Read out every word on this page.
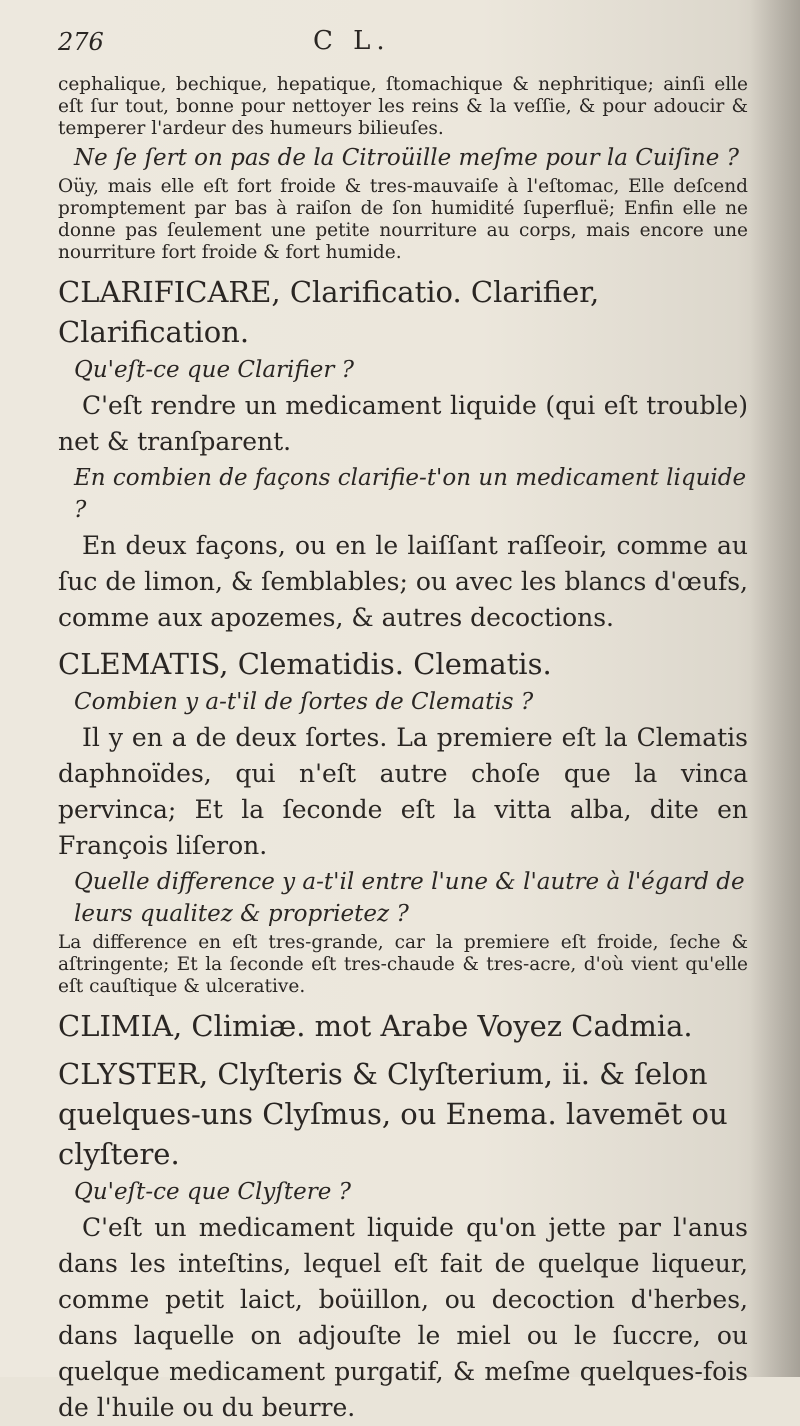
276	C L.

cephalique, bechique, hepatique, ſtomachique & nephritique; ainſi elle eſt ſur tout, bonne pour nettoyer les reins & la veſſie, & pour adoucir & temperer l'ardeur des humeurs bilieuſes.

Ne ſe ſert on pas de la Citroüille meſme pour la Cuiſine ?

Oüy, mais elle eſt fort froide & tres-mauvaiſe à l'eſtomac, Elle deſcend promptement par bas à raiſon de ſon humidité ſuperfluë; Enfin elle ne donne pas ſeulement une petite nourriture au corps, mais encore une nourriture fort froide & fort humide.

CLARIFICARE, Clarificatio. Clarifier, Clarification.

Qu'eſt-ce que Clarifier ?

C'eſt rendre un medicament liquide (qui eſt trouble) net & tranſparent.

En combien de façons clarifie-t'on un medicament liquide ?

En deux façons, ou en le laiſſant raſſeoir, comme au ſuc de limon, & ſemblables; ou avec les blancs d'œufs, comme aux apozemes, & autres decoctions.

CLEMATIS, Clematidis. Clematis.

Combien y a-t'il de ſortes de Clematis ?

Il y en a de deux ſortes. La premiere eſt la Clematis daphnoïdes, qui n'eſt autre choſe que la vinca pervinca; Et la ſeconde eſt la vitta alba, dite en François liſeron.

Quelle difference y a-t'il entre l'une & l'autre à l'égard de leurs qualitez & proprietez ?

La difference en eſt tres-grande, car la premiere eſt froide, ſeche & aſtringente; Et la ſeconde eſt tres-chaude & tres-acre, d'où vient qu'elle eſt cauſtique & ulcerative.

CLIMIA, Climiæ. mot Arabe Voyez Cadmia.

CLYSTER, Clyſteris & Clyſterium, ii. & ſelon quelques-uns Clyſmus, ou Enema. lavemēt ou clyſtere.

Qu'eſt-ce que Clyſtere ?

C'eſt un medicament liquide qu'on jette par l'anus dans les inteſtins, lequel eſt fait de quelque liqueur, comme petit laict, boüillon, ou decoction d'herbes, dans laquelle on adjouſte le miel ou le ſuccre, ou quelque medicament purgatif, & meſme quelques-fois de l'huile ou du beurre.
